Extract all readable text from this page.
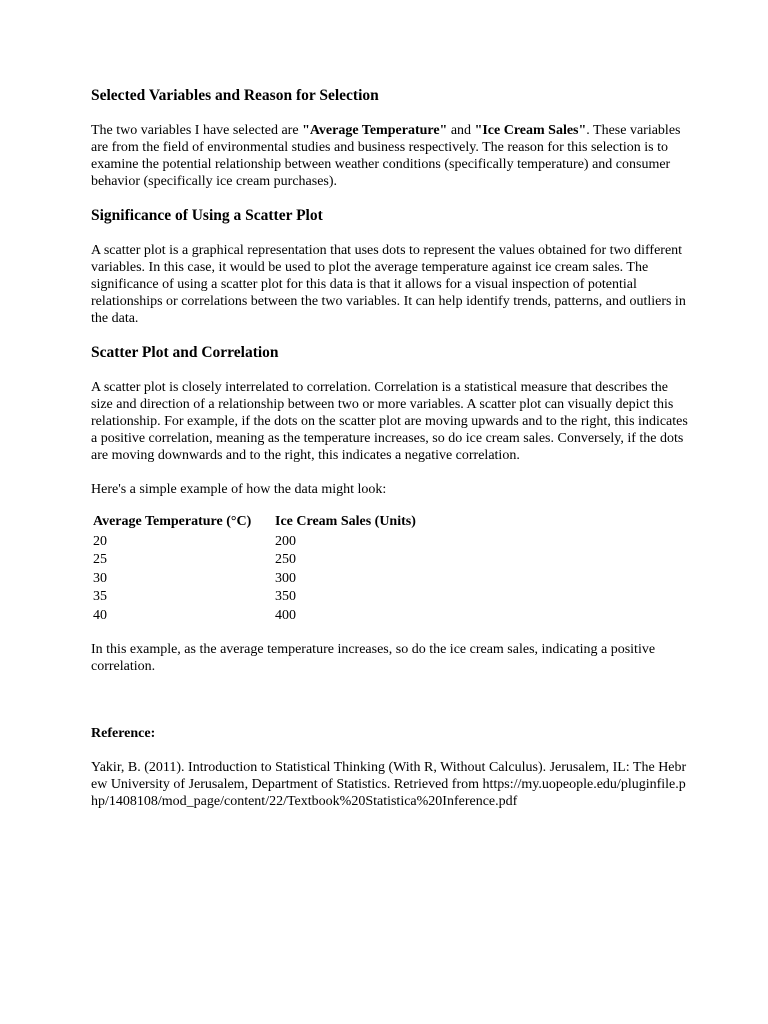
Selected Variables and Reason for Selection

The two variables I have selected are "Average Temperature" and "Ice Cream Sales". These variables are from the field of environmental studies and business respectively. The reason for this selection is to examine the potential relationship between weather conditions (specifically temperature) and consumer behavior (specifically ice cream purchases).

Significance of Using a Scatter Plot

A scatter plot is a graphical representation that uses dots to represent the values obtained for two different variables. In this case, it would be used to plot the average temperature against ice cream sales. The significance of using a scatter plot for this data is that it allows for a visual inspection of potential relationships or correlations between the two variables. It can help identify trends, patterns, and outliers in the data.

Scatter Plot and Correlation

A scatter plot is closely interrelated to correlation. Correlation is a statistical measure that describes the size and direction of a relationship between two or more variables. A scatter plot can visually depict this relationship. For example, if the dots on the scatter plot are moving upwards and to the right, this indicates a positive correlation, meaning as the temperature increases, so do ice cream sales. Conversely, if the dots are moving downwards and to the right, this indicates a negative correlation.

Here's a simple example of how the data might look:

Average Temperature (°C)	Ice Cream Sales (Units)
20	200
25	250
30	300
35	350
40	400

In this example, as the average temperature increases, so do the ice cream sales, indicating a positive correlation.

Reference:

Yakir, B. (2011). Introduction to Statistical Thinking (With R, Without Calculus). Jerusalem, IL: The Hebrew University of Jerusalem, Department of Statistics. Retrieved from https://my.uopeople.edu/pluginfile.php/1408108/mod_page/content/22/Textbook%20Statistica%20Inference.pdf
